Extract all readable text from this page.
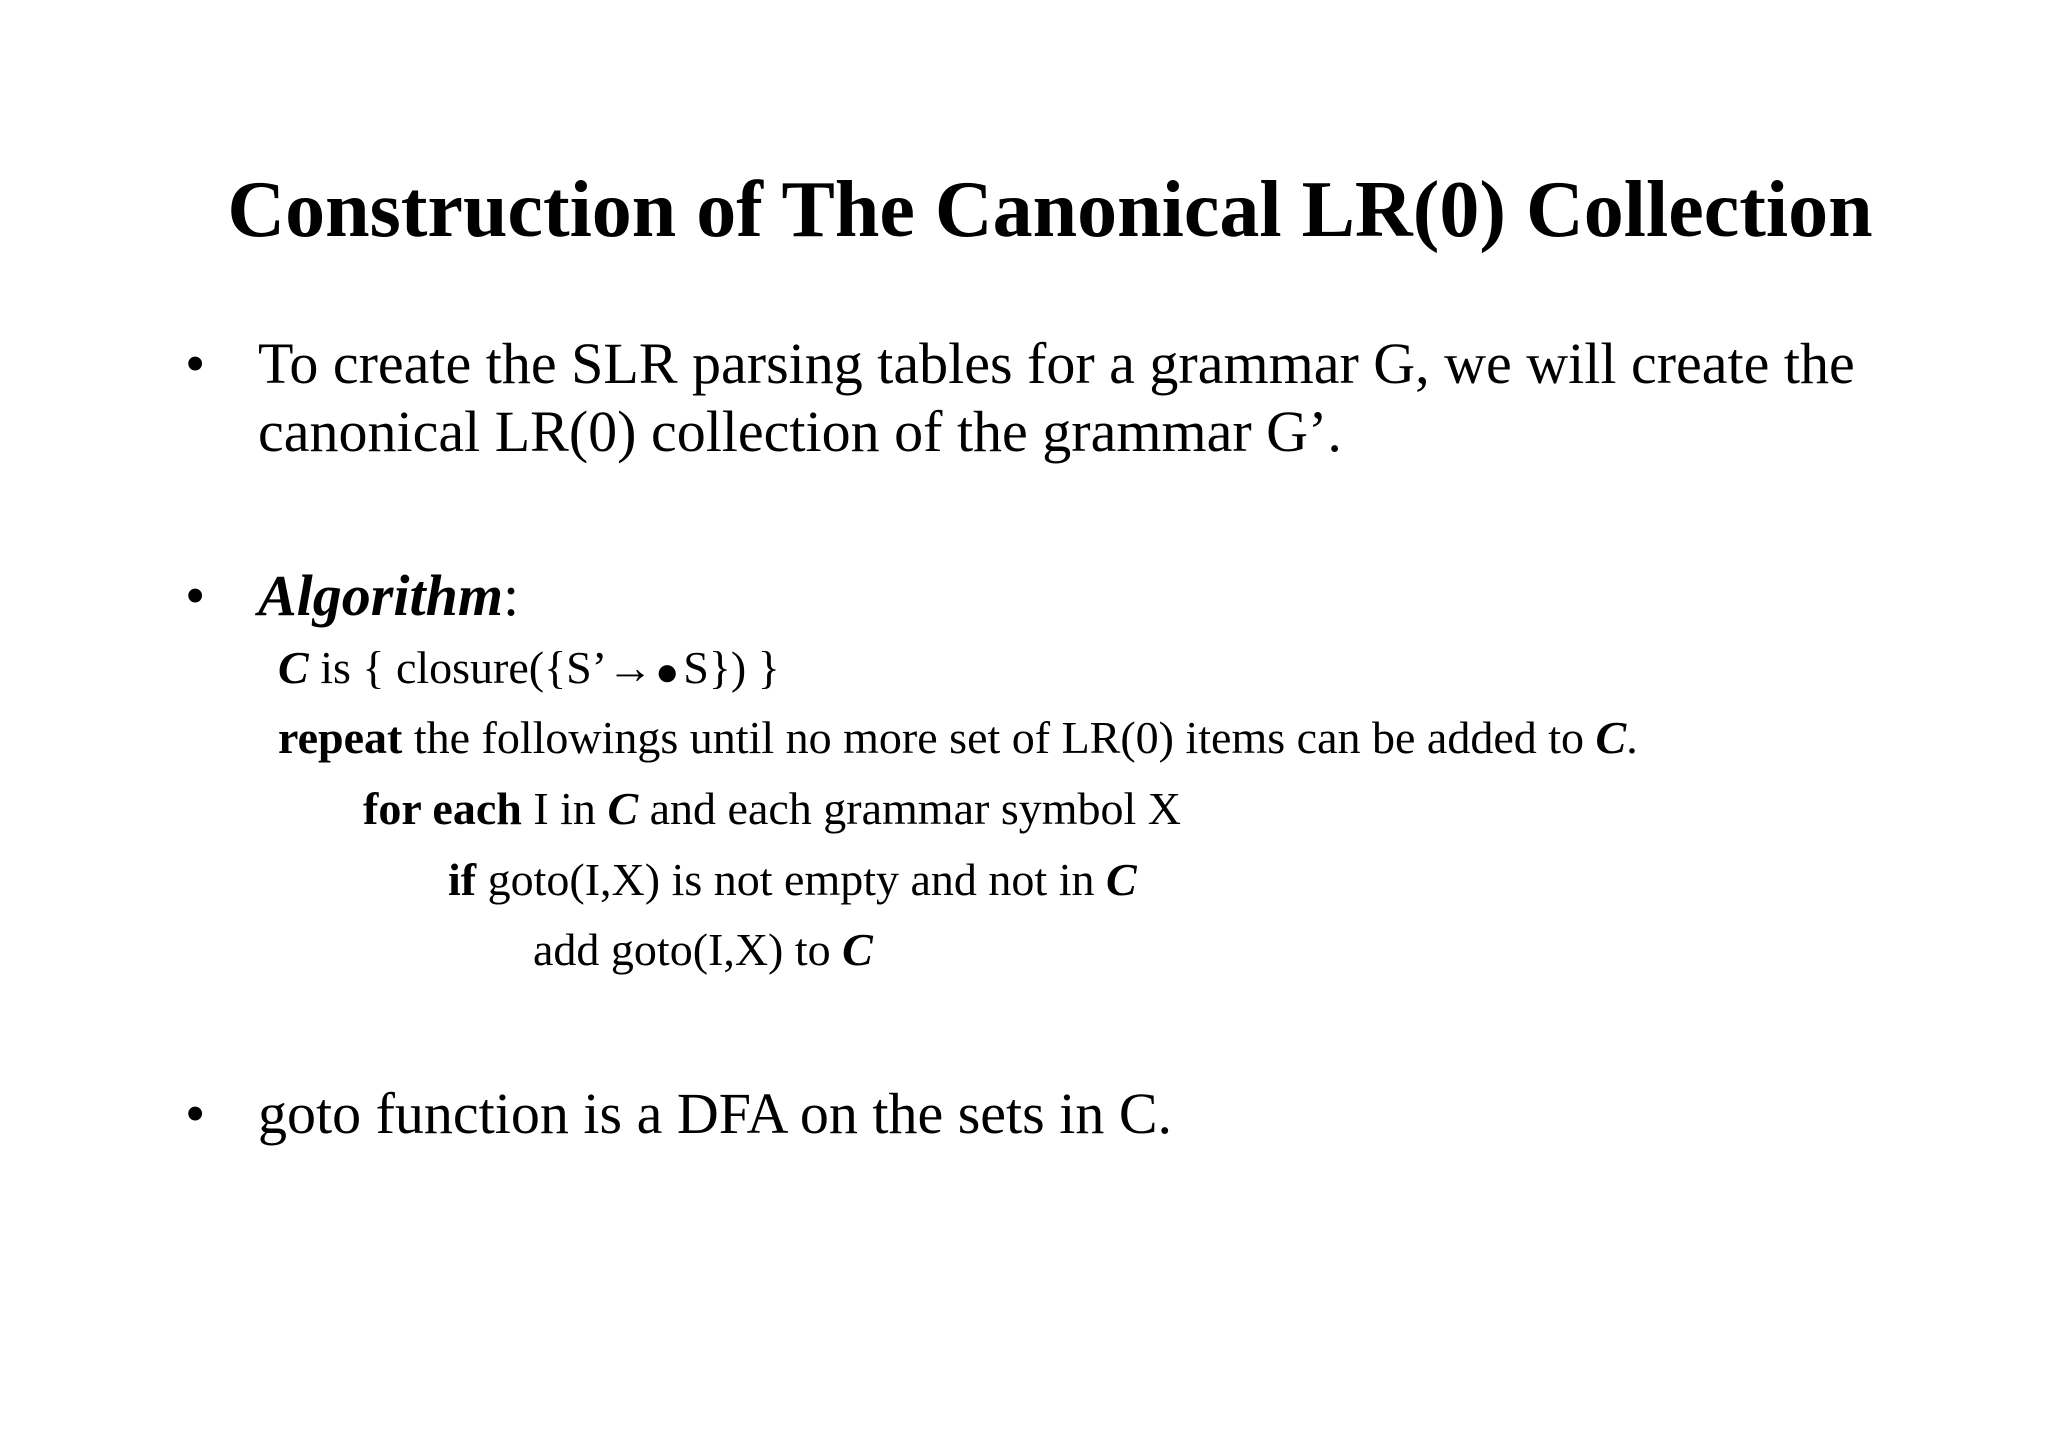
Construction of The Canonical LR(0) Collection
• To create the SLR parsing tables for a grammar G, we will create the
canonical LR(0) collection of the grammar G’.
• Algorithm:
C is { closure({S’→●S}) }
repeat the followings until no more set of LR(0) items can be added to C.
for each I in C and each grammar symbol X
if goto(I,X) is not empty and not in C
add goto(I,X) to C
• goto function is a DFA on the sets in C.
